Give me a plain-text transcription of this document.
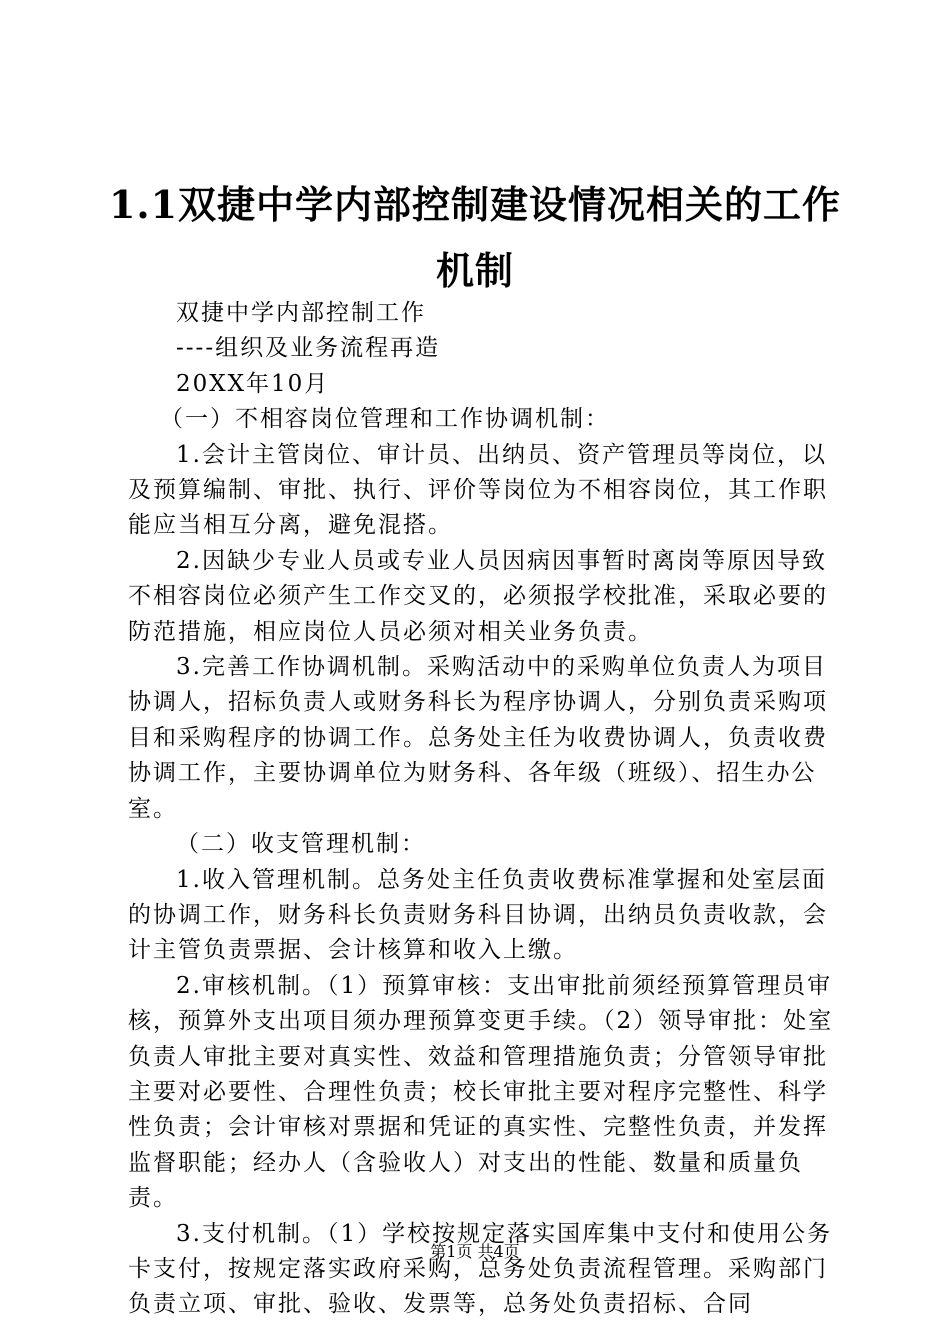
1.1双捷中学内部控制建设情况相关的工作机制

双捷中学内部控制工作

----组织及业务流程再造

20XX年10月

（一）不相容岗位管理和工作协调机制：

1.会计主管岗位、审计员、出纳员、资产管理员等岗位，以及预算编制、审批、执行、评价等岗位为不相容岗位，其工作职能应当相互分离，避免混搭。

2.因缺少专业人员或专业人员因病因事暂时离岗等原因导致不相容岗位必须产生工作交叉的，必须报学校批准，采取必要的防范措施，相应岗位人员必须对相关业务负责。

3.完善工作协调机制。采购活动中的采购单位负责人为项目协调人，招标负责人或财务科长为程序协调人，分别负责采购项目和采购程序的协调工作。总务处主任为收费协调人，负责收费协调工作，主要协调单位为财务科、各年级（班级）、招生办公室。

（二）收支管理机制：

1.收入管理机制。总务处主任负责收费标准掌握和处室层面的协调工作，财务科长负责财务科目协调，出纳员负责收款，会计主管负责票据、会计核算和收入上缴。

2.审核机制。（1）预算审核：支出审批前须经预算管理员审核，预算外支出项目须办理预算变更手续。（2）领导审批：处室负责人审批主要对真实性、效益和管理措施负责；分管领导审批主要对必要性、合理性负责；校长审批主要对程序完整性、科学性负责；会计审核对票据和凭证的真实性、完整性负责，并发挥监督职能；经办人（含验收人）对支出的性能、数量和质量负责。

3.支付机制。（1）学校按规定落实国库集中支付和使用公务卡支付，按规定落实政府采购，总务处负责流程管理。采购部门负责立项、审批、验收、发票等，总务处负责招标、合同

第1页 共4页
